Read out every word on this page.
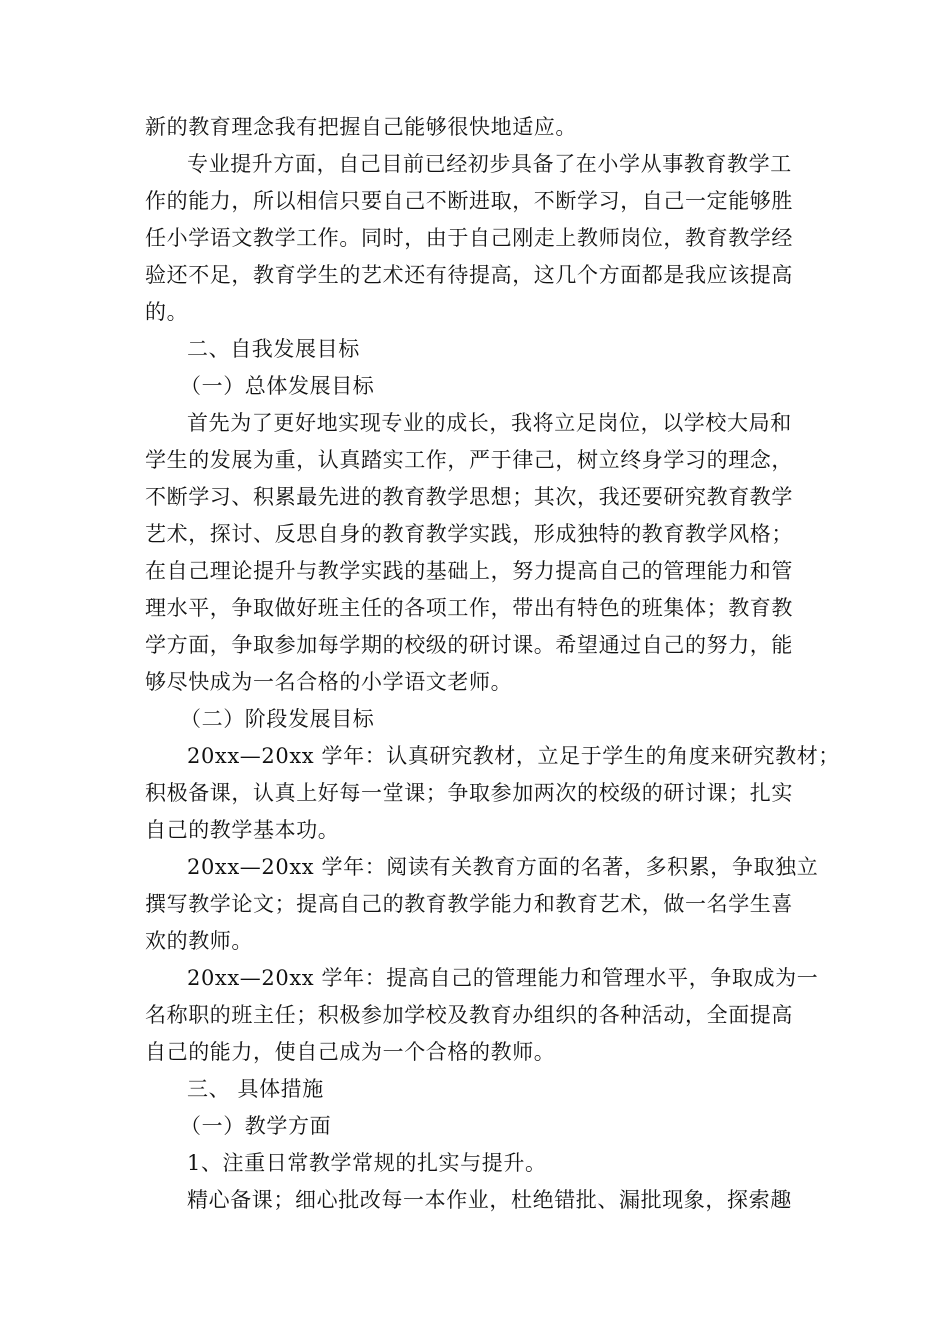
新的教育理念我有把握自己能够很快地适应。
专业提升方面，自己目前已经初步具备了在小学从事教育教学工
作的能力，所以相信只要自己不断进取，不断学习，自己一定能够胜
任小学语文教学工作。同时，由于自己刚走上教师岗位，教育教学经
验还不足，教育学生的艺术还有待提高，这几个方面都是我应该提高
的。
二、自我发展目标
（一）总体发展目标
首先为了更好地实现专业的成长，我将立足岗位，以学校大局和
学生的发展为重，认真踏实工作，严于律己，树立终身学习的理念，
不断学习、积累最先进的教育教学思想；其次，我还要研究教育教学
艺术，探讨、反思自身的教育教学实践，形成独特的教育教学风格；
在自己理论提升与教学实践的基础上，努力提高自己的管理能力和管
理水平，争取做好班主任的各项工作，带出有特色的班集体；教育教
学方面，争取参加每学期的校级的研讨课。希望通过自己的努力，能
够尽快成为一名合格的小学语文老师。
（二）阶段发展目标
20xx—20xx 学年：认真研究教材，立足于学生的角度来研究教材；
积极备课，认真上好每一堂课；争取参加两次的校级的研讨课；扎实
自己的教学基本功。
20xx—20xx 学年：阅读有关教育方面的名著，多积累，争取独立
撰写教学论文；提高自己的教育教学能力和教育艺术，做一名学生喜
欢的教师。
20xx—20xx 学年：提高自己的管理能力和管理水平，争取成为一
名称职的班主任；积极参加学校及教育办组织的各种活动，全面提高
自己的能力，使自己成为一个合格的教师。
三、 具体措施
（一）教学方面
1、注重日常教学常规的扎实与提升。
精心备课；细心批改每一本作业，杜绝错批、漏批现象，探索趣
